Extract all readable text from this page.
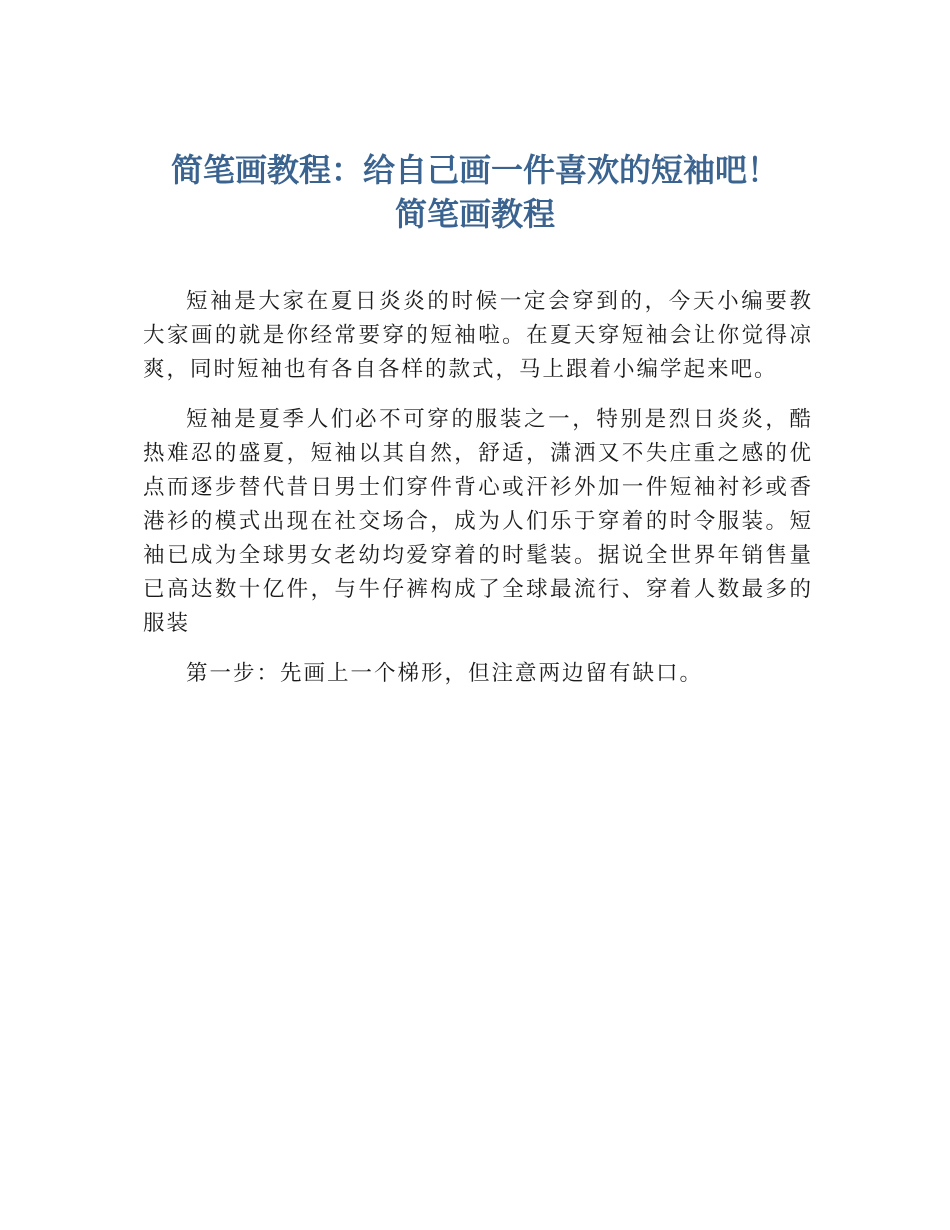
简笔画教程：给自己画一件喜欢的短袖吧！
简笔画教程

短袖是大家在夏日炎炎的时候一定会穿到的，今天小编要教大家画的就是你经常要穿的短袖啦。在夏天穿短袖会让你觉得凉爽，同时短袖也有各自各样的款式，马上跟着小编学起来吧。

短袖是夏季人们必不可穿的服装之一，特别是烈日炎炎，酷热难忍的盛夏，短袖以其自然，舒适，潇洒又不失庄重之感的优点而逐步替代昔日男士们穿件背心或汗衫外加一件短袖衬衫或香港衫的模式出现在社交场合，成为人们乐于穿着的时令服装。短袖已成为全球男女老幼均爱穿着的时髦装。据说全世界年销售量已高达数十亿件，与牛仔裤构成了全球最流行、穿着人数最多的服装

第一步：先画上一个梯形，但注意两边留有缺口。
